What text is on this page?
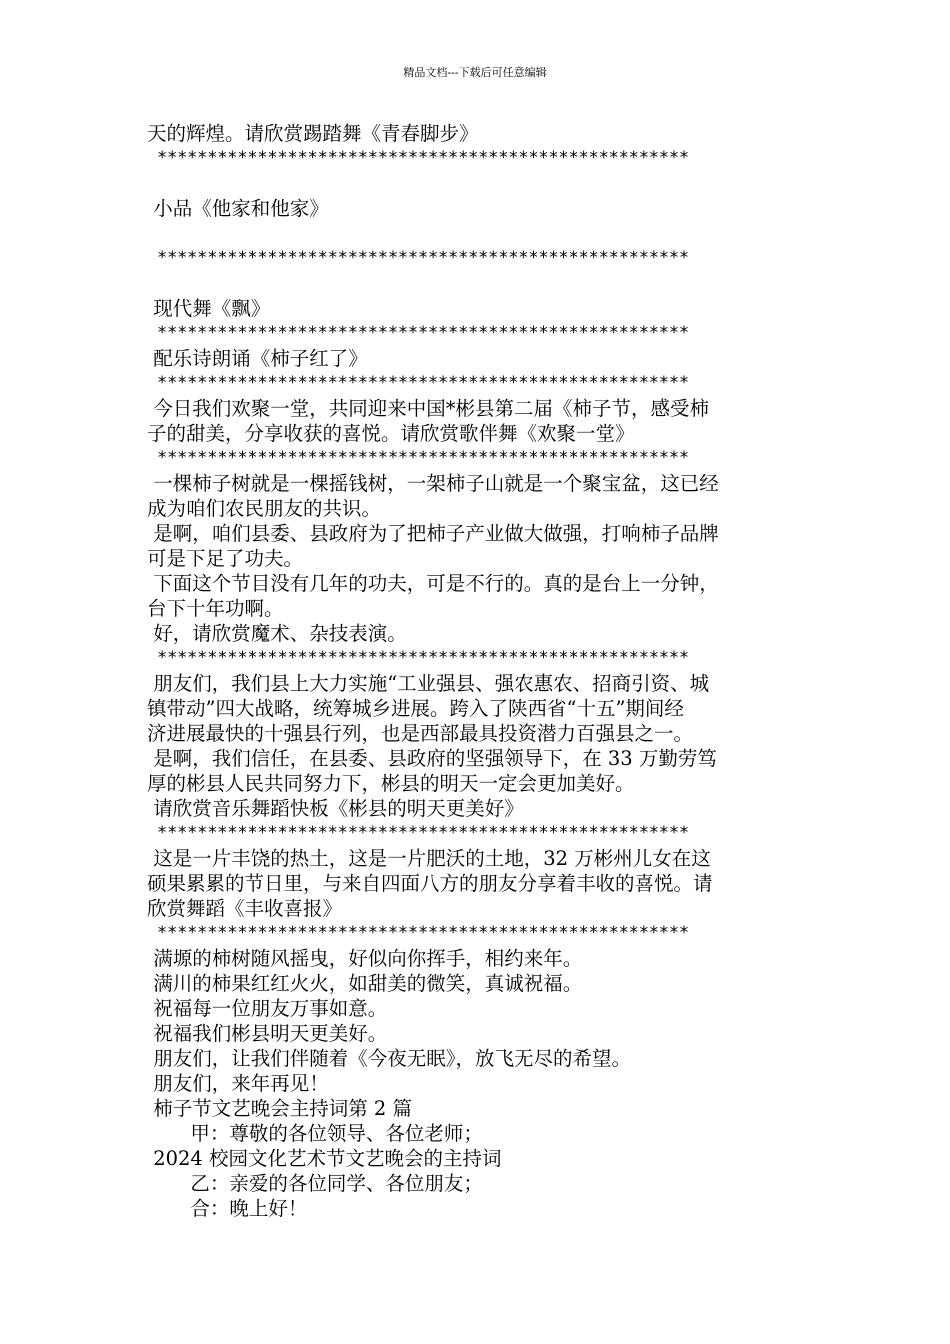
精品文档---下载后可任意编辑
天的辉煌。请欣赏踢踏舞《青春脚步》
*****************************************************
小品《他家和他家》
*****************************************************
现代舞《飘》
*****************************************************
配乐诗朗诵《柿子红了》
*****************************************************
今日我们欢聚一堂，共同迎来中国*彬县第二届《柿子节，感受柿
子的甜美，分享收获的喜悦。请欣赏歌伴舞《欢聚一堂》
*****************************************************
一棵柿子树就是一棵摇钱树，一架柿子山就是一个聚宝盆，这已经
成为咱们农民朋友的共识。
是啊，咱们县委、县政府为了把柿子产业做大做强，打响柿子品牌
可是下足了功夫。
下面这个节目没有几年的功夫，可是不行的。真的是台上一分钟，
台下十年功啊。
好，请欣赏魔术、杂技表演。
*****************************************************
朋友们，我们县上大力实施“工业强县、强农惠农、招商引资、城
镇带动”四大战略，统筹城乡进展。跨入了陕西省“十五”期间经
济进展最快的十强县行列，也是西部最具投资潜力百强县之一。
是啊，我们信任，在县委、县政府的坚强领导下，在 33 万勤劳笃
厚的彬县人民共同努力下，彬县的明天一定会更加美好。
请欣赏音乐舞蹈快板《彬县的明天更美好》
*****************************************************
这是一片丰饶的热土，这是一片肥沃的土地，32 万彬州儿女在这
硕果累累的节日里，与来自四面八方的朋友分享着丰收的喜悦。请
欣赏舞蹈《丰收喜报》
*****************************************************
满塬的柿树随风摇曳，好似向你挥手，相约来年。
满川的柿果红红火火，如甜美的微笑，真诚祝福。
祝福每一位朋友万事如意。
祝福我们彬县明天更美好。
朋友们，让我们伴随着《今夜无眠》，放飞无尽的希望。
朋友们，来年再见！
柿子节文艺晚会主持词第 2 篇
甲：尊敬的各位领导、各位老师；
2024 校园文化艺术节文艺晚会的主持词
乙：亲爱的各位同学、各位朋友；
合：晚上好！
